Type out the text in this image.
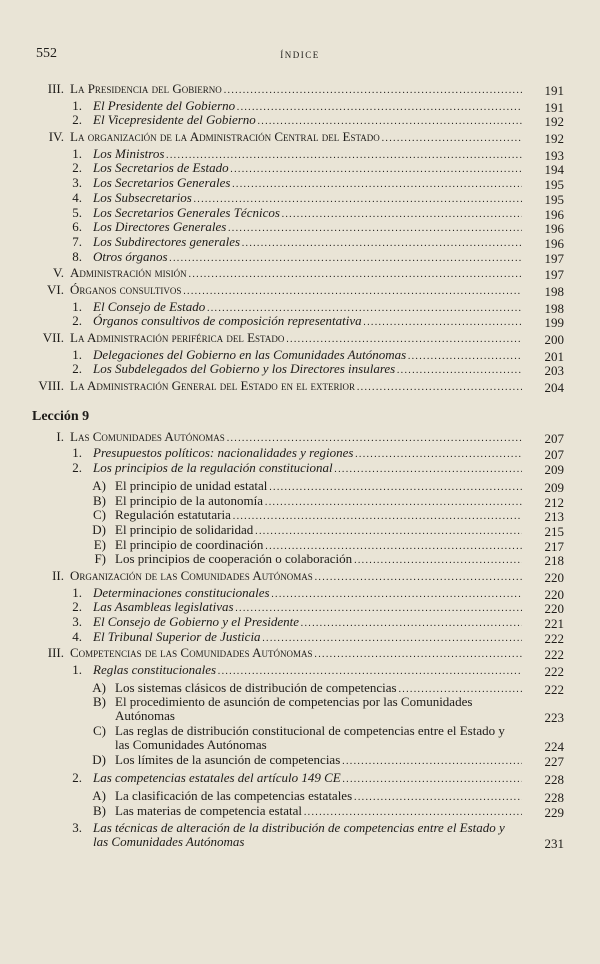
552	ÍNDICE
III. La Presidencia del Gobierno . . .	191
1. El Presidente del Gobierno . . .	191
2. El Vicepresidente del Gobierno . . .	192
IV. La organización de la Administración Central del Estado . . .	192
1. Los Ministros . . .	193
2. Los Secretarios de Estado . . .	194
3. Los Secretarios Generales . . .	195
4. Los Subsecretarios . . .	195
5. Los Secretarios Generales Técnicos . . .	196
6. Los Directores Generales . . .	196
7. Los Subdirectores generales . . .	196
8. Otros órganos . . .	197
V. Administración misión . . .	197
VI. Órganos consultivos . . .	198
1. El Consejo de Estado . . .	198
2. Órganos consultivos de composición representativa . . .	199
VII. La Administración periférica del Estado . . .	200
1. Delegaciones del Gobierno en las Comunidades Autónomas . . .	201
2. Los Subdelegados del Gobierno y los Directores insulares . . .	203
VIII. La Administración General del Estado en el exterior . . .	204
Lección 9
I. Las Comunidades Autónomas . . .	207
1. Presupuestos políticos: nacionalidades y regiones . . .	207
2. Los principios de la regulación constitucional . . .	209
A) El principio de unidad estatal . . .	209
B) El principio de la autonomía . . .	212
C) Regulación estatutaria . . .	213
D) El principio de solidaridad . . .	215
E) El principio de coordinación . . .	217
F) Los principios de cooperación o colaboración . . .	218
II. Organización de las Comunidades Autónomas . . .	220
1. Determinaciones constitucionales . . .	220
2. Las Asambleas legislativas . . .	220
3. El Consejo de Gobierno y el Presidente . . .	221
4. El Tribunal Superior de Justicia . . .	222
III. Competencias de las Comunidades Autónomas . . .	222
1. Reglas constitucionales . . .	222
A) Los sistemas clásicos de distribución de competencias . . .	222
B) El procedimiento de asunción de competencias por las Comunidades Autónomas	223
C) Las reglas de distribución constitucional de competencias entre el Estado y las Comunidades Autónomas	224
D) Los límites de la asunción de competencias . . .	227
2. Las competencias estatales del artículo 149 CE . . .	228
A) La clasificación de las competencias estatales . . .	228
B) Las materias de competencia estatal . . .	229
3. Las técnicas de alteración de la distribución de competencias entre el Estado y las Comunidades Autónomas	231
